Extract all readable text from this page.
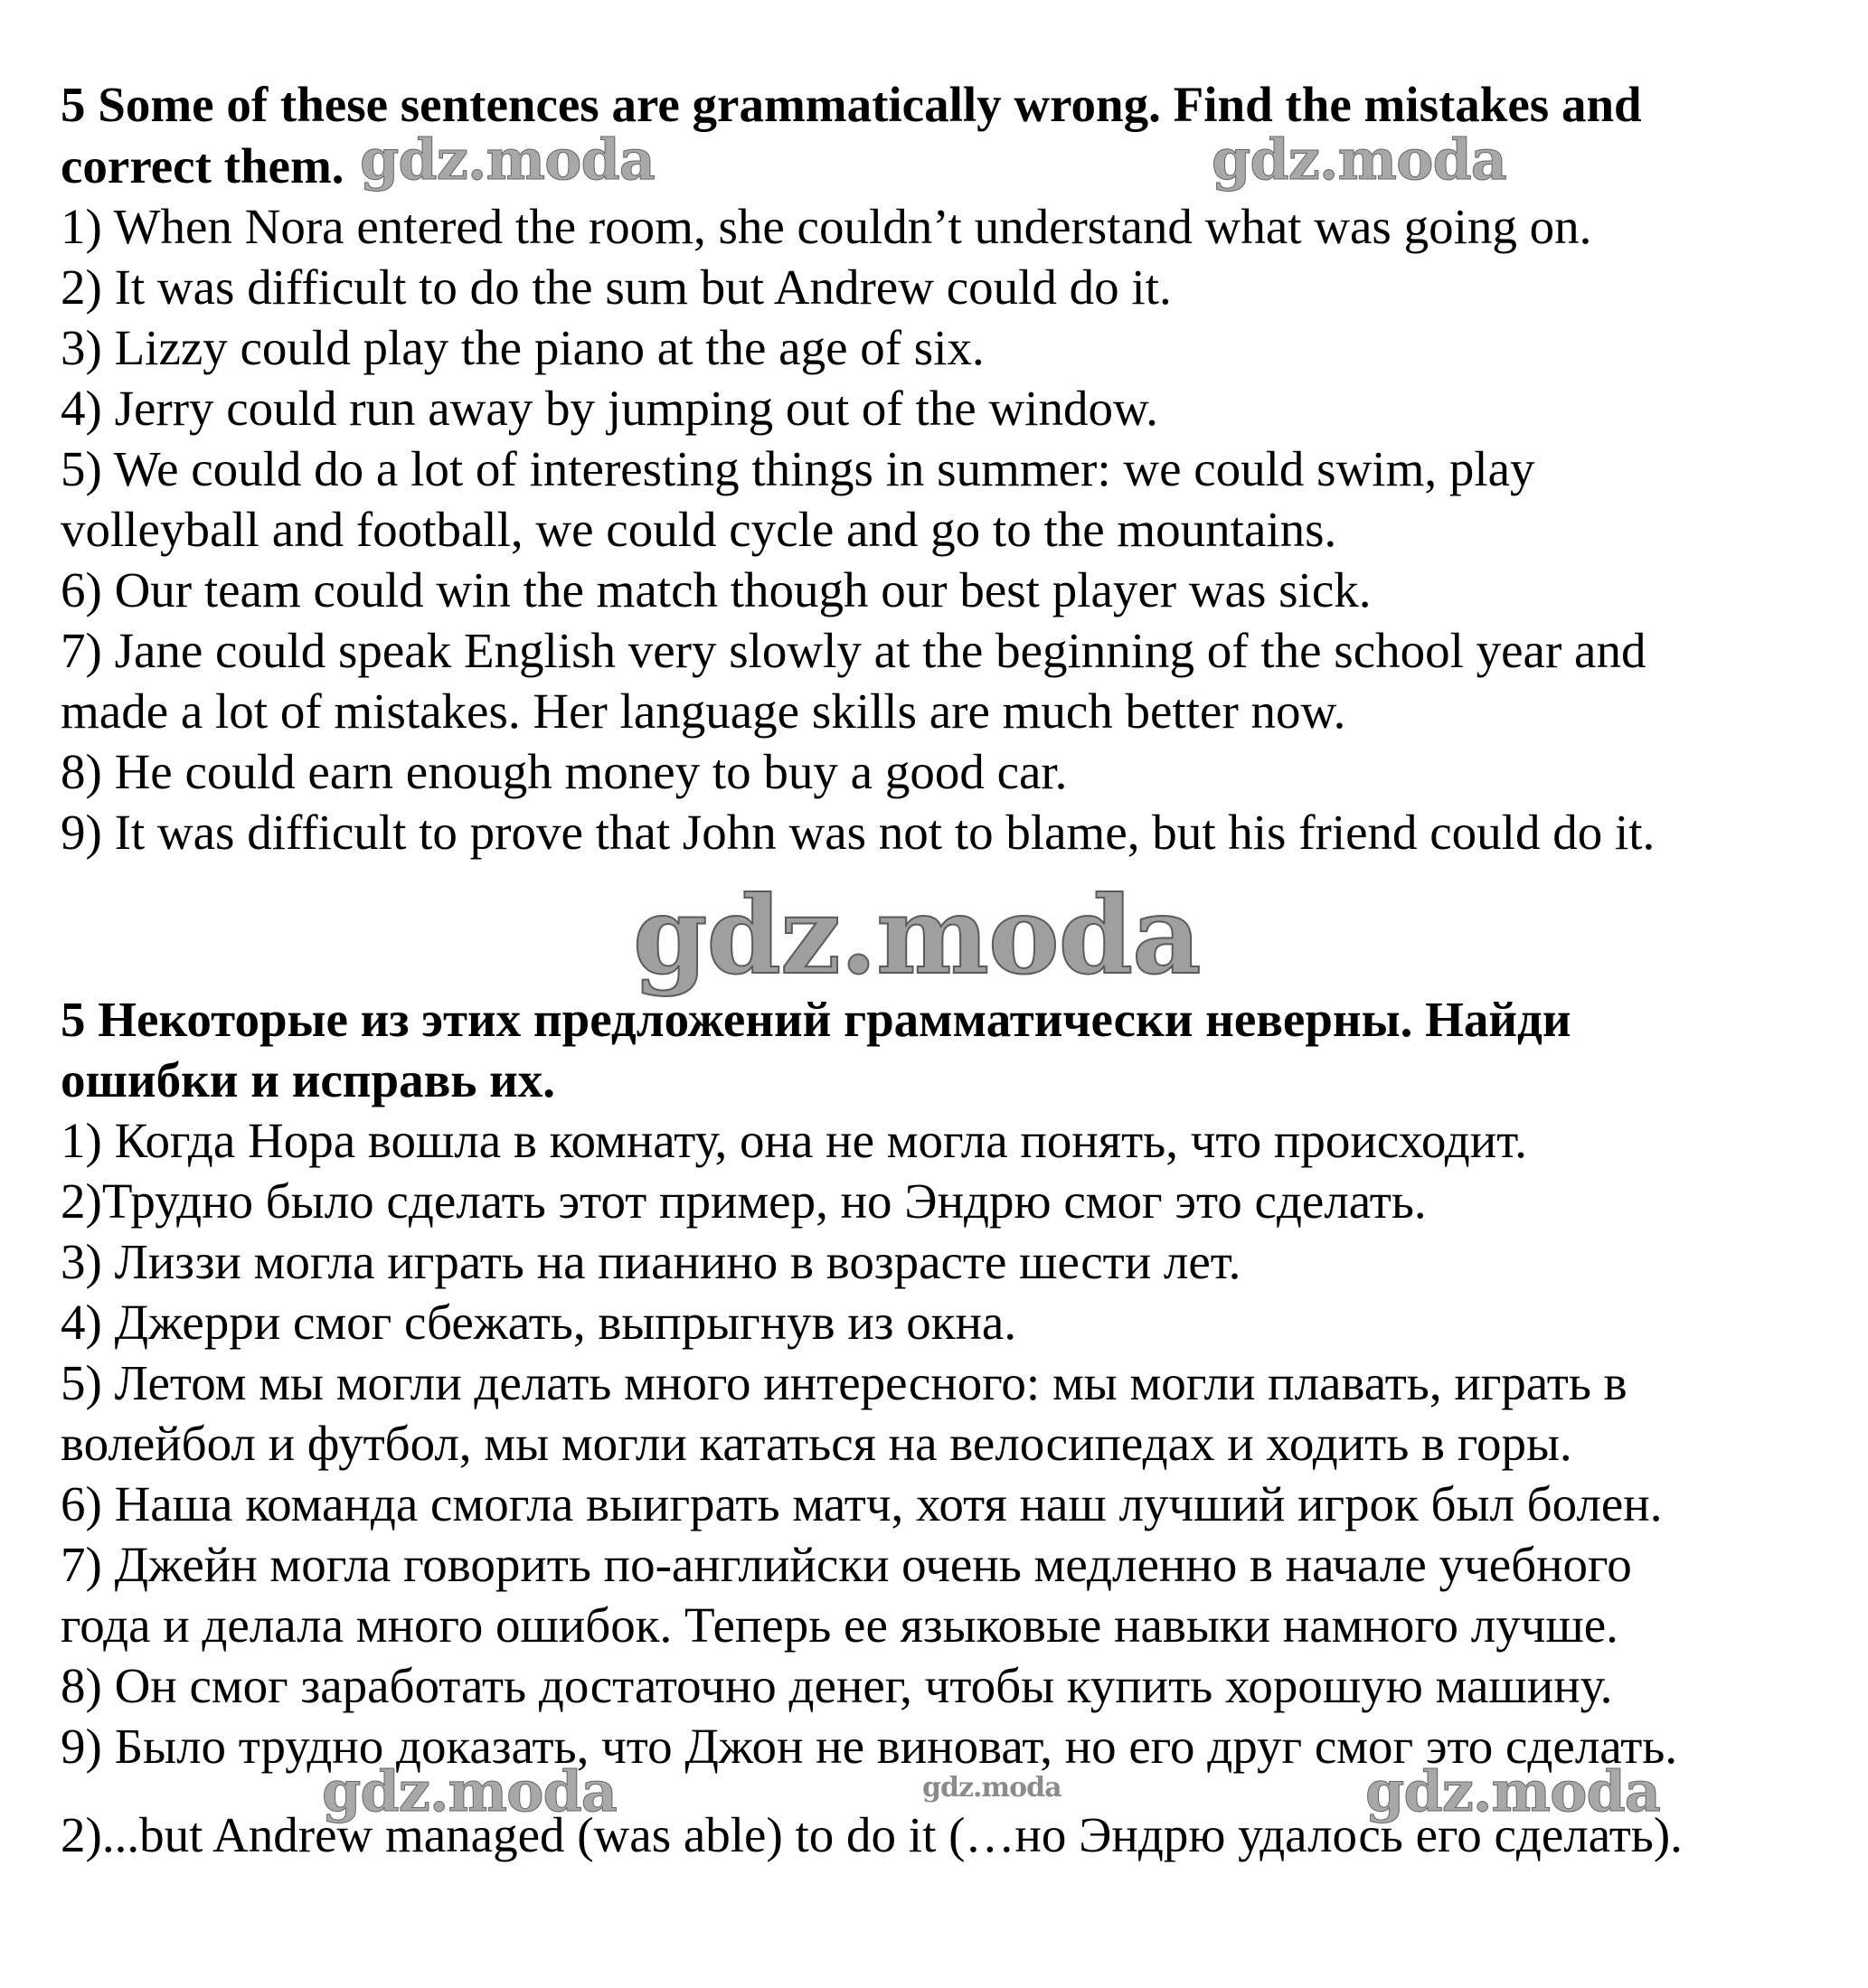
5 Some of these sentences are grammatically wrong. Find the mistakes and
correct them.
1) When Nora entered the room, she couldn’t understand what was going on.
2) It was difficult to do the sum but Andrew could do it.
3) Lizzy could play the piano at the age of six.
4) Jerry could run away by jumping out of the window.
5) We could do a lot of interesting things in summer: we could swim, play
volleyball and football, we could cycle and go to the mountains.
6) Our team could win the match though our best player was sick.
7) Jane could speak English very slowly at the beginning of the school year and
made a lot of mistakes. Her language skills are much better now.
8) He could earn enough money to buy a good car.
9) It was difficult to prove that John was not to blame, but his friend could do it.
5 Некоторые из этих предложений грамматически неверны. Найди
ошибки и исправь их.
1) Когда Нора вошла в комнату, она не могла понять, что происходит.
2)Трудно было сделать этот пример, но Эндрю смог это сделать.
3) Лиззи могла играть на пианино в возрасте шести лет.
4) Джерри смог сбежать, выпрыгнув из окна.
5) Летом мы могли делать много интересного: мы могли плавать, играть в
волейбол и футбол, мы могли кататься на велосипедах и ходить в горы.
6) Наша команда смогла выиграть матч, хотя наш лучший игрок был болен.
7) Джейн могла говорить по-английски очень медленно в начале учебного
года и делала много ошибок. Теперь ее языковые навыки намного лучше.
8) Он смог заработать достаточно денег, чтобы купить хорошую машину.
9) Было трудно доказать, что Джон не виноват, но его друг смог это сделать.
2)...but Andrew managed (was able) to do it (…но Эндрю удалось его сделать).
gdz.moda	gdz.moda
gdz.moda
gdz.moda	gdz.moda	gdz.moda
